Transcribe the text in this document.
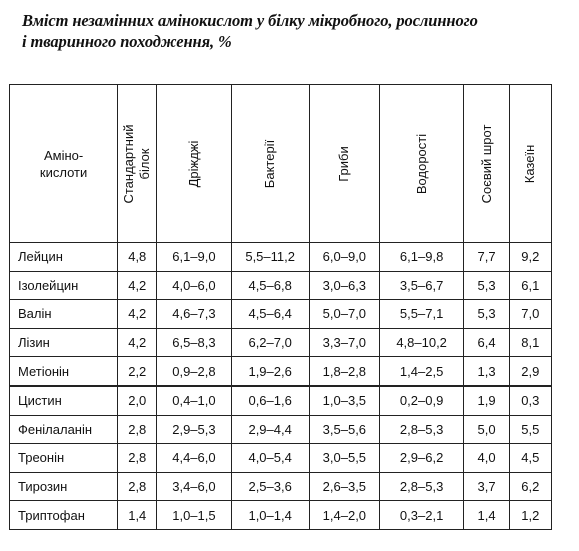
Вміст незамінних амінокислот у білку мікробного, рослинного
і тваринного походження, %
Аміно-
кислоти	Стандартний білок	Дріжджі	Бактерії	Гриби	Водорості	Соєвий шрот	Казеїн

Лейцин	4,8	6,1–9,0	5,5–11,2	6,0–9,0	6,1–9,8	7,7	9,2
Ізолейцин	4,2	4,0–6,0	4,5–6,8	3,0–6,3	3,5–6,7	5,3	6,1
Валін	4,2	4,6–7,3	4,5–6,4	5,0–7,0	5,5–7,1	5,3	7,0
Лізин	4,2	6,5–8,3	6,2–7,0	3,3–7,0	4,8–10,2	6,4	8,1
Метіонін	2,2	0,9–2,8	1,9–2,6	1,8–2,8	1,4–2,5	1,3	2,9
Цистин	2,0	0,4–1,0	0,6–1,6	1,0–3,5	0,2–0,9	1,9	0,3
Фенілаланін	2,8	2,9–5,3	2,9–4,4	3,5–5,6	2,8–5,3	5,0	5,5
Треонін	2,8	4,4–6,0	4,0–5,4	3,0–5,5	2,9–6,2	4,0	4,5
Тирозин	2,8	3,4–6,0	2,5–3,6	2,6–3,5	2,8–5,3	3,7	6,2
Триптофан	1,4	1,0–1,5	1,0–1,4	1,4–2,0	0,3–2,1	1,4	1,2
